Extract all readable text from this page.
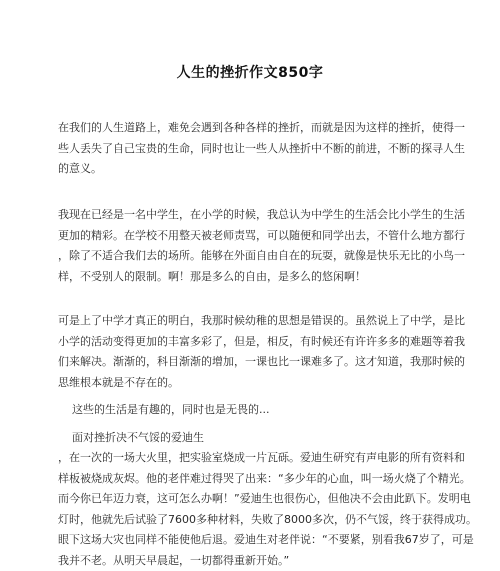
人生的挫折作文850字
在我们的人生道路上，难免会遇到各种各样的挫折，而就是因为这样的挫折，使得一
些人丢失了自己宝贵的生命，同时也让一些人从挫折中不断的前进，不断的探寻人生
的意义。
我现在已经是一名中学生，在小学的时候，我总认为中学生的生活会比小学生的生活
更加的精彩。在学校不用整天被老师责骂，可以随便和同学出去，不管什么地方都行
，除了不适合我们去的场所。能够在外面自由自在的玩耍，就像是快乐无比的小鸟一
样，不受别人的限制。啊！那是多么的自由，是多么的悠闲啊！
可是上了中学才真正的明白，我那时候幼稚的思想是错误的。虽然说上了中学，是比
小学的活动变得更加的丰富多彩了，但是，相反，有时候还有许许多多的难题等着我
们来解决。渐渐的，科目渐渐的增加，一课也比一课难多了。这才知道，我那时候的
思维根本就是不存在的。
这些的生活是有趣的，同时也是无畏的...
面对挫折决不气馁的爱迪生
，在一次的一场大火里，把实验室烧成一片瓦砾。爱迪生研究有声电影的所有资料和
样板被烧成灰烬。他的老伴难过得哭了出来：“多少年的心血，叫一场火烧了个精光。
而今你已年迈力衰，这可怎么办啊！”爱迪生也很伤心，但他决不会由此趴下。发明电
灯时，他就先后试验了7600多种材料，失败了8000多次，仍不气馁，终于获得成功。
眼下这场大灾也同样不能使他后退。爱迪生对老伴说：“不要紧，别看我67岁了，可是
我并不老。从明天早晨起，一切都得重新开始。”
